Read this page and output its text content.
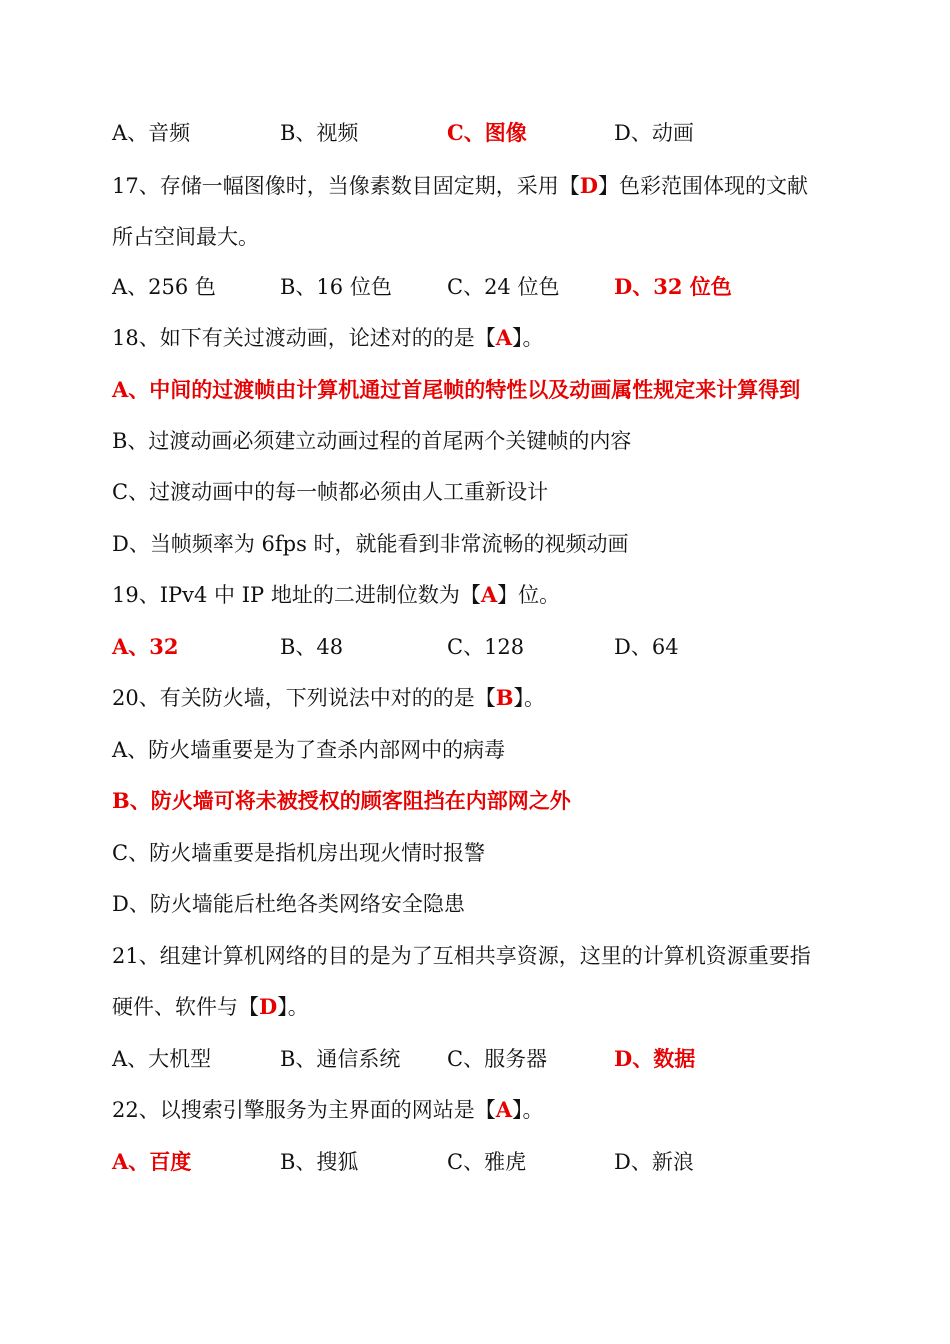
A、音频	B、视频	C、图像	D、动画
17、存储一幅图像时，当像素数目固定期，采用【D】色彩范围体现的文献
所占空间最大。
A、256 色	B、16 位色	C、24 位色	D、32 位色
18、如下有关过渡动画，论述对的的是【A】。
A、中间的过渡帧由计算机通过首尾帧的特性以及动画属性规定来计算得到
B、过渡动画必须建立动画过程的首尾两个关键帧的内容
C、过渡动画中的每一帧都必须由人工重新设计
D、当帧频率为 6fps 时，就能看到非常流畅的视频动画
19、IPv4 中 IP 地址的二进制位数为【A】位。
A、32	B、48	C、128	D、64
20、有关防火墙，下列说法中对的的是【B】。
A、防火墙重要是为了查杀内部网中的病毒
B、防火墙可将未被授权的顾客阻挡在内部网之外
C、防火墙重要是指机房出现火情时报警
D、防火墙能后杜绝各类网络安全隐患
21、组建计算机网络的目的是为了互相共享资源，这里的计算机资源重要指
硬件、软件与【D】。
A、大机型	B、通信系统 C、服务器	D、数据
22、以搜索引擎服务为主界面的网站是【A】。
A、百度	B、搜狐	C、雅虎	D、新浪
